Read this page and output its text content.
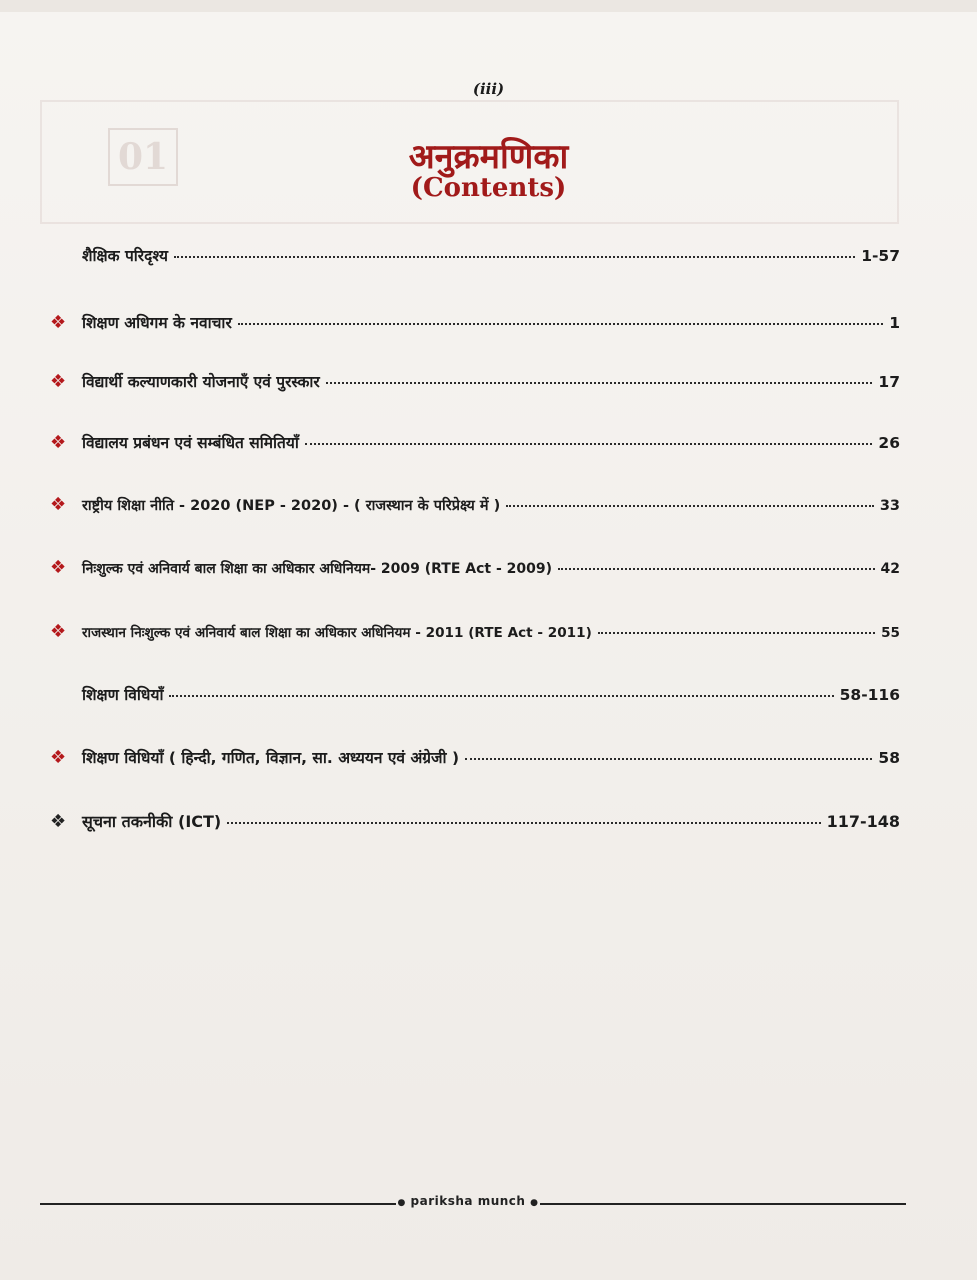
01
(iii)
अनुक्रमणिका
(Contents)
शैक्षिक परिदृश्य	1-57
❖	शिक्षण अधिगम के नवाचार	1
❖	विद्यार्थी कल्याणकारी योजनाएँ एवं पुरस्कार	17
❖	विद्यालय प्रबंधन एवं सम्बंधित समितियाँ	26
❖	राष्ट्रीय शिक्षा नीति - 2020 (NEP - 2020) - ( राजस्थान के परिप्रेक्ष्य में )	33
❖	निःशुल्क एवं अनिवार्य बाल शिक्षा का अधिकार अधिनियम- 2009 (RTE Act - 2009)	42
❖	राजस्थान निःशुल्क एवं अनिवार्य बाल शिक्षा का अधिकार अधिनियम - 2011 (RTE Act - 2011)	55
शिक्षण विधियाँ	58-116
❖	शिक्षण विधियाँ ( हिन्दी, गणित, विज्ञान, सा. अध्ययन एवं अंग्रेजी )	58
❖ सूचना तकनीकी (ICT)	117-148
● pariksha munch ●
